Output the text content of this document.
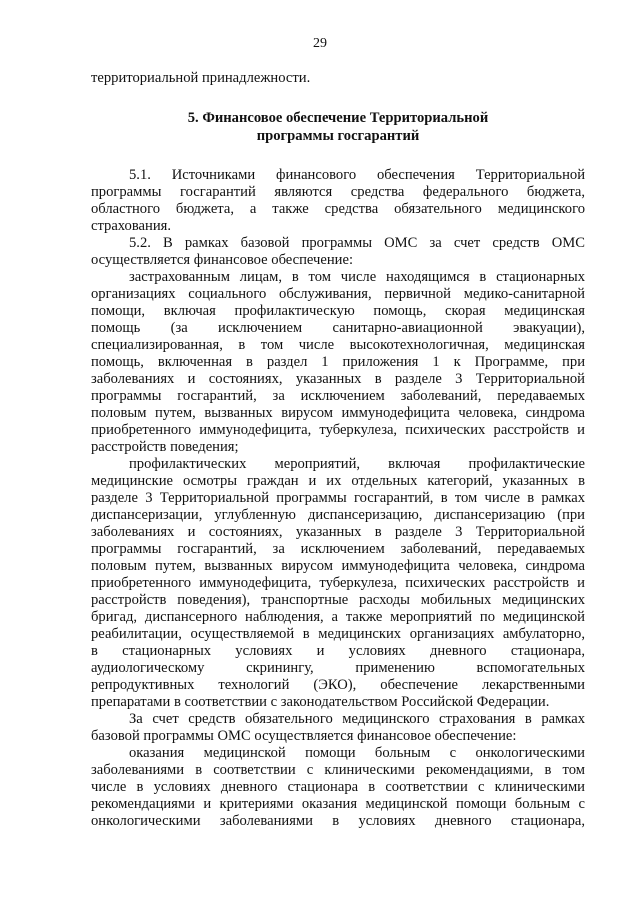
29

территориальной принадлежности.

5. Финансовое обеспечение Территориальной
программы госгарантий

5.1. Источниками финансового обеспечения Территориальной
программы госгарантий являются средства федерального бюджета,
областного бюджета, а также средства обязательного медицинского
страхования.

5.2. В рамках базовой программы ОМС за счет средств ОМС
осуществляется финансовое обеспечение:

застрахованным лицам, в том числе находящимся в стационарных
организациях социального обслуживания, первичной медико-санитарной
помощи, включая профилактическую помощь, скорая медицинская
помощь (за исключением санитарно-авиационной эвакуации),
специализированная, в том числе высокотехнологичная, медицинская
помощь, включенная в раздел 1 приложения 1 к Программе, при
заболеваниях и состояниях, указанных в разделе 3 Территориальной
программы госгарантий, за исключением заболеваний, передаваемых
половым путем, вызванных вирусом иммунодефицита человека, синдрома
приобретенного иммунодефицита, туберкулеза, психических расстройств и
расстройств поведения;

профилактических мероприятий, включая профилактические
медицинские осмотры граждан и их отдельных категорий, указанных в
разделе 3 Территориальной программы госгарантий, в том числе в рамках
диспансеризации, углубленную диспансеризацию, диспансеризацию (при
заболеваниях и состояниях, указанных в разделе 3 Территориальной
программы госгарантий, за исключением заболеваний, передаваемых
половым путем, вызванных вирусом иммунодефицита человека, синдрома
приобретенного иммунодефицита, туберкулеза, психических расстройств и
расстройств поведения), транспортные расходы мобильных медицинских
бригад, диспансерного наблюдения, а также мероприятий по медицинской
реабилитации, осуществляемой в медицинских организациях амбулаторно,
в стационарных условиях и условиях дневного стационара,
аудиологическому скринингу, применению вспомогательных
репродуктивных технологий (ЭКО), обеспечение лекарственными
препаратами в соответствии с законодательством Российской Федерации.

За счет средств обязательного медицинского страхования в рамках
базовой программы ОМС осуществляется финансовое обеспечение:

оказания медицинской помощи больным с онкологическими
заболеваниями в соответствии с клиническими рекомендациями, в том
числе в условиях дневного стационара в соответствии с клиническими
рекомендациями и критериями оказания медицинской помощи больным с
онкологическими заболеваниями в условиях дневного стационара,
